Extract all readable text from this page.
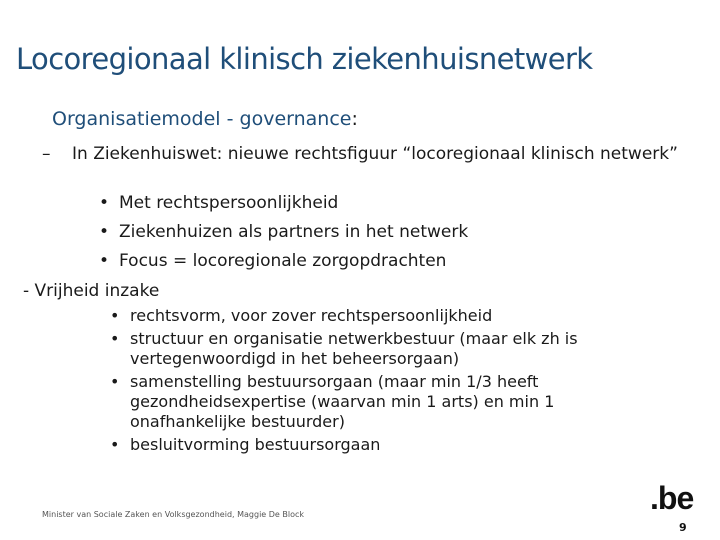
Locoregionaal klinisch ziekenhuisnetwerk
Organisatiemodel - governance:
– In Ziekenhuiswet: nieuwe rechtsfiguur “locoregionaal klinisch netwerk”
• Met rechtspersoonlijkheid
• Ziekenhuizen als partners in het netwerk
• Focus = locoregionale zorgopdrachten
- Vrijheid inzake
• rechtsvorm, voor zover rechtspersoonlijkheid
• structuur en organisatie netwerkbestuur (maar elk zh is vertegenwoordigd in het beheersorgaan)
• samenstelling bestuursorgaan (maar min 1/3 heeft gezondheidsexpertise (waarvan min 1 arts) en min 1 onafhankelijke bestuurder)
• besluitvorming bestuursorgaan
Minister van Sociale Zaken en Volksgezondheid, Maggie De Block	.be
9
